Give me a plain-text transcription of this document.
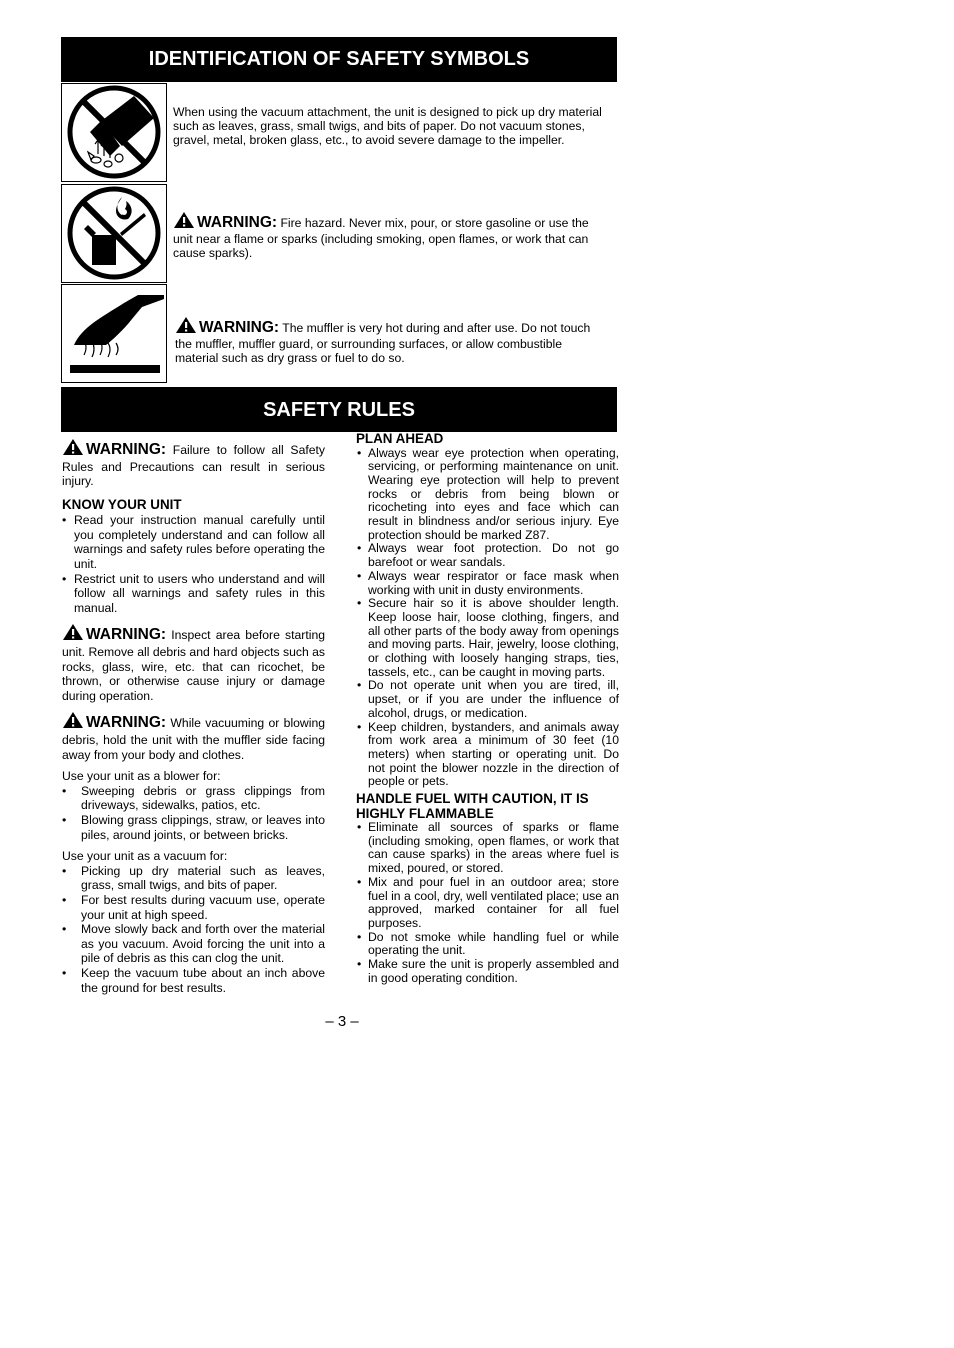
IDENTIFICATION OF SAFETY SYMBOLS
When using the vacuum attachment, the unit is designed to pick up dry material such as leaves, grass, small twigs, and bits of paper. Do not vacuum stones, gravel, metal, broken glass, etc., to avoid severe damage to the impeller.
WARNING: Fire hazard. Never mix, pour, or store gasoline or use the unit near a flame or sparks (including smoking, open flames, or work that can cause sparks).
WARNING: The muffler is very hot during and after use. Do not touch the muffler, muffler guard, or surrounding surfaces, or allow combustible material such as dry grass or fuel to do so.
SAFETY RULES

WARNING: Failure to follow all Safety Rules and Precautions can result in serious injury.

KNOW YOUR UNIT

• Read your instruction manual carefully until you completely understand and can follow all warnings and safety rules before operating the unit.
• Restrict unit to users who understand and will follow all warnings and safety rules in this manual.

WARNING: Inspect area before starting unit. Remove all debris and hard objects such as rocks, glass, wire, etc. that can ricochet, be thrown, or otherwise cause injury or damage during operation.

WARNING: While vacuuming or blowing debris, hold the unit with the muffler side facing away from your body and clothes.

Use your unit as a blower for:

• Sweeping debris or grass clippings from driveways, sidewalks, patios, etc.
• Blowing grass clippings, straw, or leaves into piles, around joints, or between bricks.

Use your unit as a vacuum for:

• Picking up dry material such as leaves, grass, small twigs, and bits of paper.
• For best results during vacuum use, operate your unit at high speed.
• Move slowly back and forth over the material as you vacuum. Avoid forcing the unit into a pile of debris as this can clog the unit.
• Keep the vacuum tube about an inch above the ground for best results.

PLAN AHEAD

• Always wear eye protection when operating, servicing, or performing maintenance on unit. Wearing eye protection will help to prevent rocks or debris from being blown or ricocheting into eyes and face which can result in blindness and/or serious injury. Eye protection should be marked Z87.
• Always wear foot protection. Do not go barefoot or wear sandals.
• Always wear respirator or face mask when working with unit in dusty environments.
• Secure hair so it is above shoulder length. Keep loose hair, loose clothing, fingers, and all other parts of the body away from openings and moving parts. Hair, jewelry, loose clothing, or clothing with loosely hanging straps, ties, tassels, etc., can be caught in moving parts.
• Do not operate unit when you are tired, ill, upset, or if you are under the influence of alcohol, drugs, or medication.
• Keep children, bystanders, and animals away from work area a minimum of 30 feet (10 meters) when starting or operating unit. Do not point the blower nozzle in the direction of people or pets.

HANDLE FUEL WITH CAUTION, IT IS HIGHLY FLAMMABLE

• Eliminate all sources of sparks or flame (including smoking, open flames, or work that can cause sparks) in the areas where fuel is mixed, poured, or stored.
• Mix and pour fuel in an outdoor area; store fuel in a cool, dry, well ventilated place; use an approved, marked container for all fuel purposes.
• Do not smoke while handling fuel or while operating the unit.
• Make sure the unit is properly assembled and in good operating condition.
– 3 –
